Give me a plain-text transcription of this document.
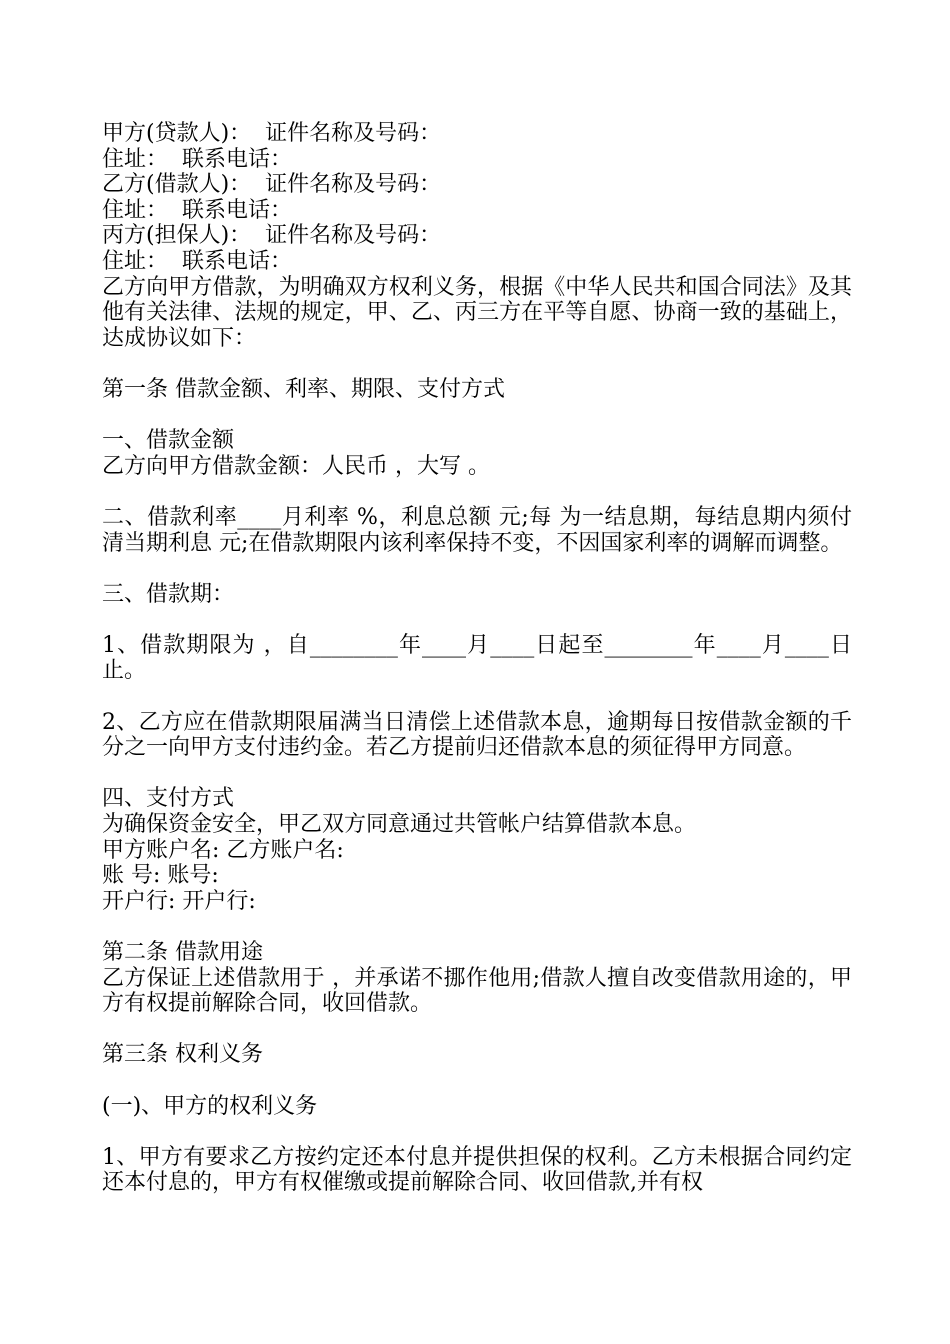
甲方(贷款人)：  证件名称及号码：

住址：  联系电话：

乙方(借款人)：  证件名称及号码：

住址：  联系电话：

丙方(担保人)：  证件名称及号码：

住址：  联系电话：

乙方向甲方借款，为明确双方权利义务，根据《中华人民共和国合同法》及其他有关法律、法规的规定，甲、乙、丙三方在平等自愿、协商一致的基础上，达成协议如下：

第一条 借款金额、利率、期限、支付方式

一、借款金额

乙方向甲方借款金额：人民币 ，大写 。

二、借款利率____月利率 %，利息总额 元;每 为一结息期，每结息期内须付清当期利息 元;在借款期限内该利率保持不变，不因国家利率的调解而调整。

三、借款期：

1、借款期限为 ，自________年____月____日起至________年____月____日止。

2、乙方应在借款期限届满当日清偿上述借款本息，逾期每日按借款金额的千分之一向甲方支付违约金。若乙方提前归还借款本息的须征得甲方同意。

四、支付方式

为确保资金安全，甲乙双方同意通过共管帐户结算借款本息。

甲方账户名: 乙方账户名:

账 号: 账号:

开户行: 开户行:

第二条 借款用途

乙方保证上述借款用于 ，并承诺不挪作他用;借款人擅自改变借款用途的，甲方有权提前解除合同，收回借款。

第三条 权利义务

(一)、甲方的权利义务

1、甲方有要求乙方按约定还本付息并提供担保的权利。乙方未根据合同约定还本付息的，甲方有权催缴或提前解除合同、收回借款,并有权
